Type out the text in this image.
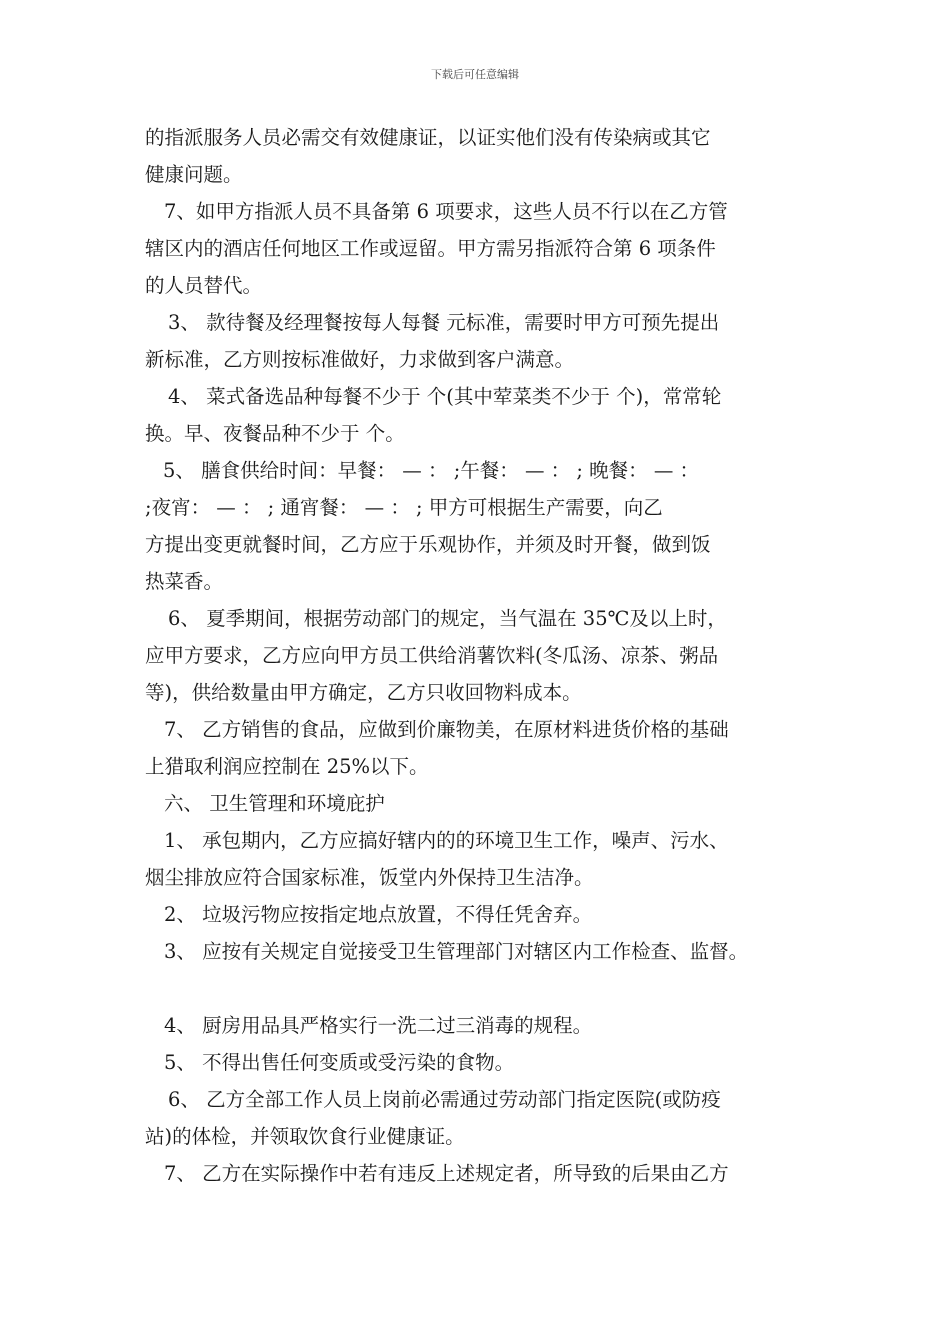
下载后可任意编辑
的指派服务人员必需交有效健康证，以证实他们没有传染病或其它
健康问题。
7、如甲方指派人员不具备第 6 项要求，这些人员不行以在乙方管
辖区内的酒店任何地区工作或逗留。甲方需另指派符合第 6 项条件
的人员替代。
3、 款待餐及经理餐按每人每餐 元标准，需要时甲方可预先提出
新标准，乙方则按标准做好，力求做到客户满意。
4、 菜式备选品种每餐不少于 个(其中荤菜类不少于 个)，常常轮
换。早、夜餐品种不少于 个。
5、 膳食供给时间：早餐： — ： ;午餐： — ： ; 晚餐： — ：
;夜宵： — ： ; 通宵餐： — ： ; 甲方可根据生产需要，向乙
方提出变更就餐时间，乙方应于乐观协作，并须及时开餐，做到饭
热菜香。
6、 夏季期间，根据劳动部门的规定，当气温在 35℃及以上时，
应甲方要求，乙方应向甲方员工供给消薯饮料(冬瓜汤、凉茶、粥品
等)，供给数量由甲方确定，乙方只收回物料成本。
7、 乙方销售的食品，应做到价廉物美，在原材料进货价格的基础
上猎取利润应控制在 25%以下。
六、 卫生管理和环境庇护
1、 承包期内，乙方应搞好辖内的的环境卫生工作，噪声、污水、
烟尘排放应符合国家标准，饭堂内外保持卫生洁净。
2、 垃圾污物应按指定地点放置，不得任凭舍弃。
3、 应按有关规定自觉接受卫生管理部门对辖区内工作检查、监督。
4、 厨房用品具严格实行一洗二过三消毒的规程。
5、 不得出售任何变质或受污染的食物。
6、 乙方全部工作人员上岗前必需通过劳动部门指定医院(或防疫
站)的体检，并领取饮食行业健康证。
7、 乙方在实际操作中若有违反上述规定者，所导致的后果由乙方
